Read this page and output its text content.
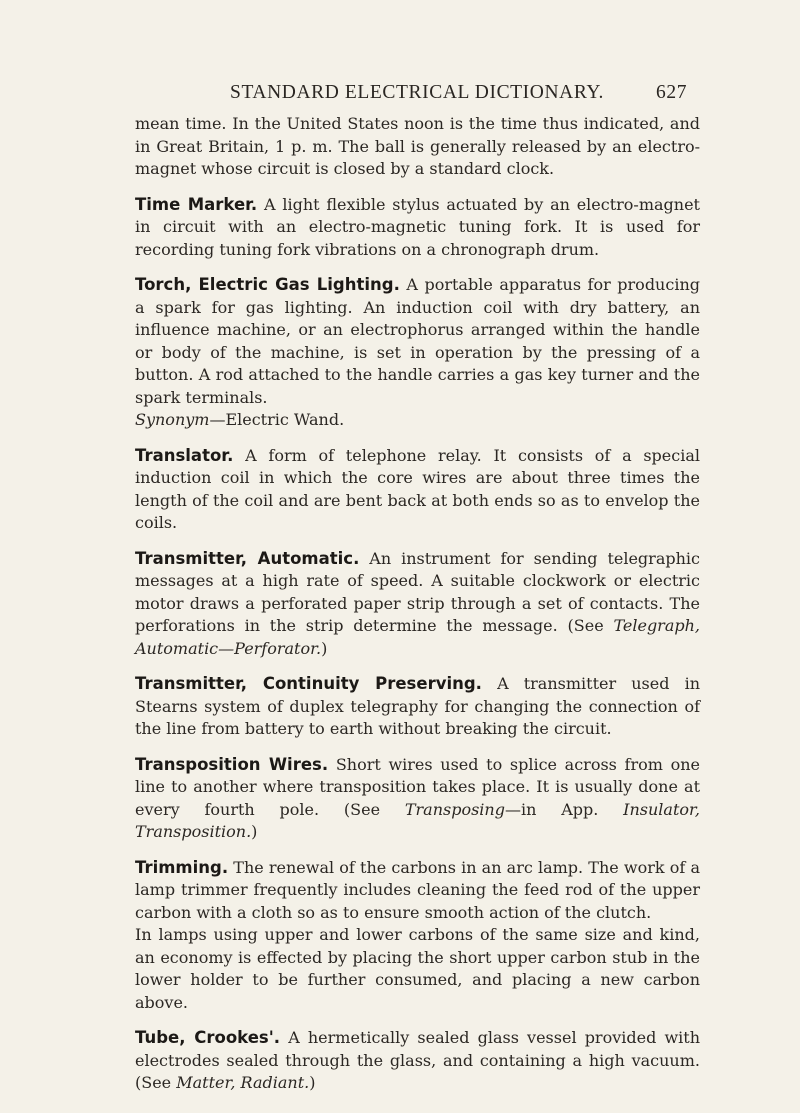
STANDARD ELECTRICAL DICTIONARY.	627

mean time. In the United States noon is the time thus indicated, and in Great Britain, 1 p. m. The ball is generally released by an electro-magnet whose circuit is closed by a standard clock.

Time Marker. A light flexible stylus actuated by an electro-magnet in circuit with an electro-magnetic tuning fork. It is used for recording tuning fork vibrations on a chronograph drum.

Torch, Electric Gas Lighting. A portable apparatus for producing a spark for gas lighting. An induction coil with dry battery, an influence machine, or an electrophorus arranged within the handle or body of the machine, is set in operation by the pressing of a button. A rod attached to the handle carries a gas key turner and the spark terminals.

Synonym—Electric Wand.

Translator. A form of telephone relay. It consists of a special induction coil in which the core wires are about three times the length of the coil and are bent back at both ends so as to envelop the coils.

Transmitter, Automatic. An instrument for sending telegraphic messages at a high rate of speed. A suitable clockwork or electric motor draws a perforated paper strip through a set of contacts. The perforations in the strip determine the message. (See Telegraph, Automatic—Perforator.)

Transmitter, Continuity Preserving. A transmitter used in Stearns system of duplex telegraphy for changing the connection of the line from battery to earth without breaking the circuit.

Transposition Wires. Short wires used to splice across from one line to another where transposition takes place. It is usually done at every fourth pole. (See Transposing—in App. Insulator, Transposition.)

Trimming. The renewal of the carbons in an arc lamp. The work of a lamp trimmer frequently includes cleaning the feed rod of the upper carbon with a cloth so as to ensure smooth action of the clutch.

In lamps using upper and lower carbons of the same size and kind, an economy is effected by placing the short upper carbon stub in the lower holder to be further consumed, and placing a new carbon above.

Tube, Crookes'. A hermetically sealed glass vessel provided with electrodes sealed through the glass, and containing a high vacuum. (See Matter, Radiant.)
